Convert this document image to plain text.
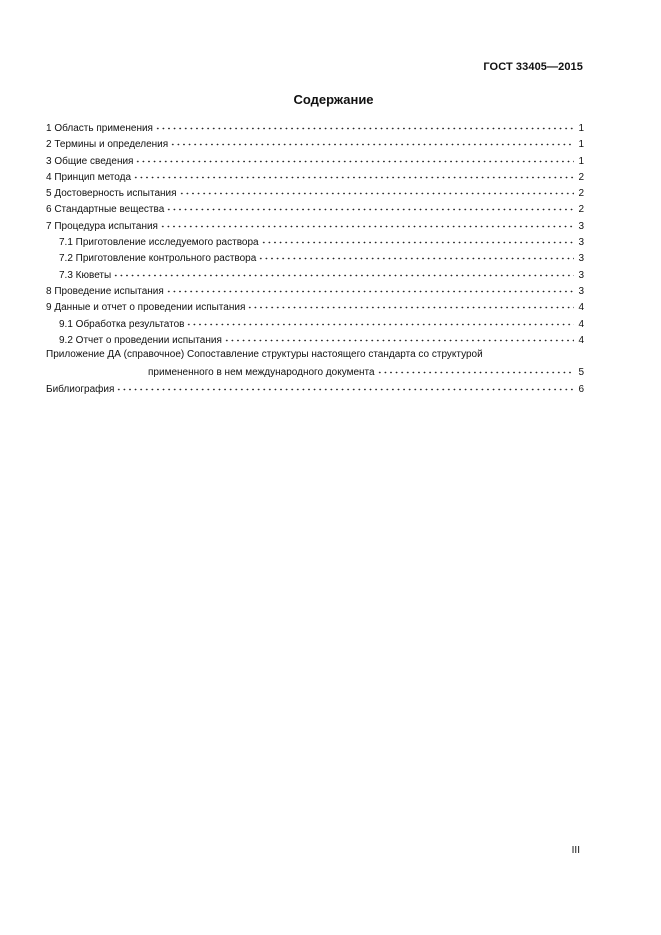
ГОСТ 33405—2015
Содержание
1 Область применения	1
2 Термины и определения	1
3 Общие сведения	1
4 Принцип метода	2
5 Достоверность испытания	2
6 Стандартные вещества	2
7 Процедура испытания	3
7.1 Приготовление исследуемого раствора	3
7.2 Приготовление контрольного раствора	3
7.3 Кюветы	3
8 Проведение испытания	3
9 Данные и отчет о проведении испытания	4
9.1 Обработка результатов	4
9.2 Отчет о проведении испытания	4
Приложение ДА (справочное) Сопоставление структуры настоящего стандарта со структурой
примененного в нем международного документа	5
Библиография	6
III
